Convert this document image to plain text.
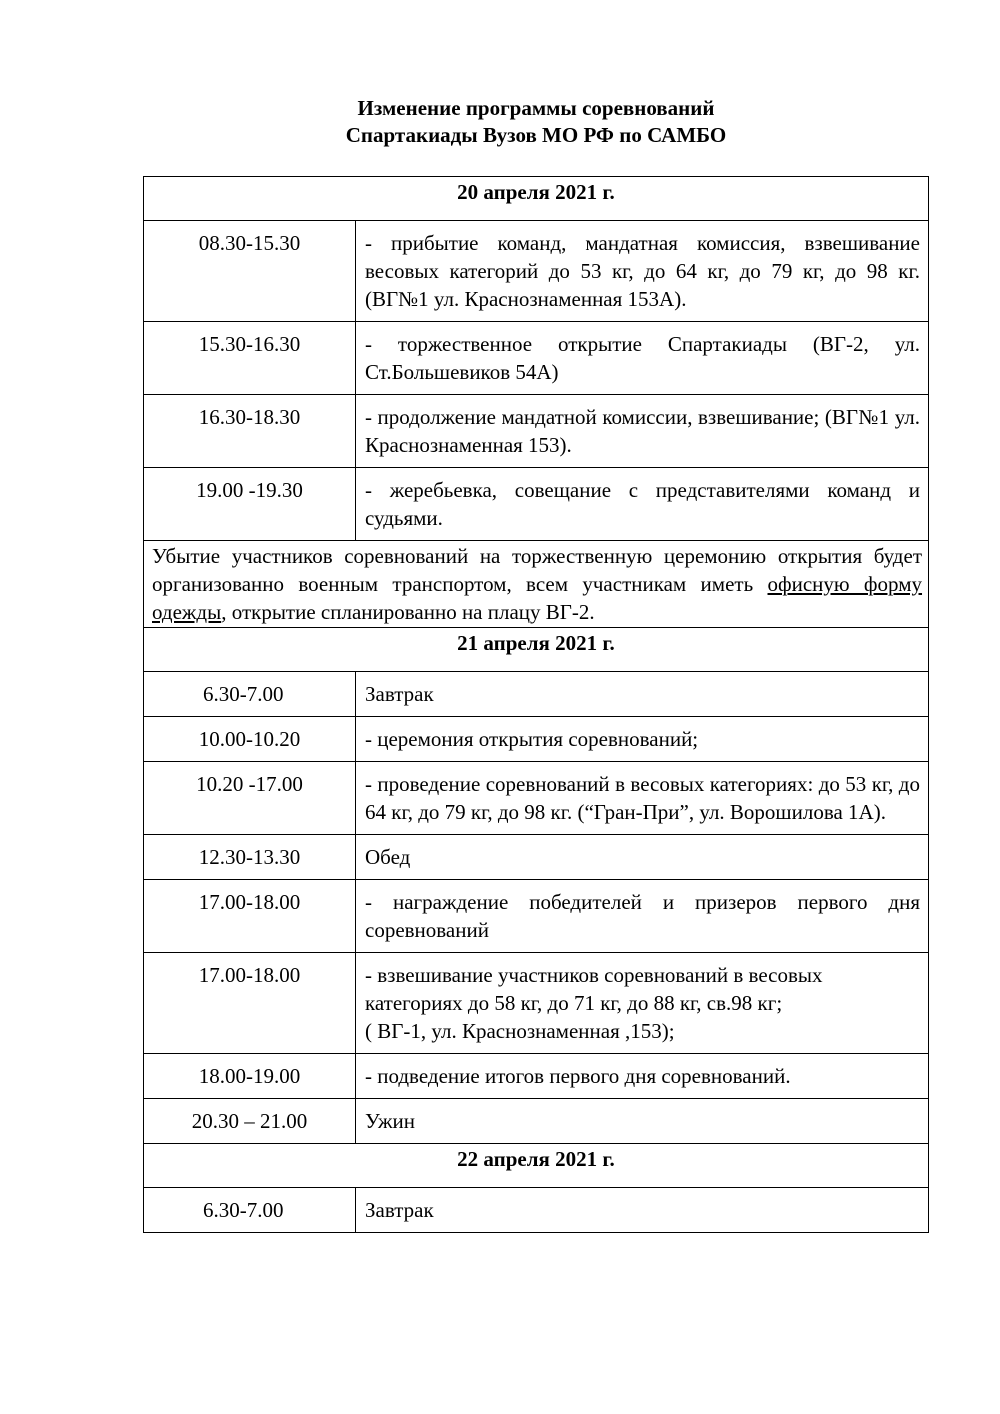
Изменение программы соревнований
Спартакиады Вузов МО РФ по САМБО
20 апреля 2021 г.	
08.30-15.30	- прибытие команд, мандатная комиссия, взвешивание весовых категорий до 53 кг, до 64 кг, до 79 кг, до 98 кг. (ВГ№1 ул. Краснознаменная 153А).
15.30-16.30	- торжественное открытие Спартакиады (ВГ-2, ул. Ст.Большевиков 54А)
16.30-18.30	- продолжение мандатной комиссии, взвешивание; (ВГ№1 ул. Краснознаменная 153).
19.00 -19.30	- жеребьевка, совещание с представителями команд и судьями.
Убытие участников соревнований на торжественную церемонию открытия будет организованно военным транспортом, всем участникам иметь офисную форму одежды, открытие спланированно на плацу ВГ-2.	
21 апреля 2021 г.	
6.30-7.00	Завтрак
10.00-10.20	- церемония открытия соревнований;
10.20 -17.00	- проведение соревнований в весовых категориях: до 53 кг, до 64 кг, до 79 кг, до 98 кг. (“Гран-При”, ул. Ворошилова 1А).
12.30-13.30	Обед
17.00-18.00	- награждение победителей и призеров первого дня соревнований
17.00-18.00	- взвешивание участников соревнований в весовых
категориях до 58 кг, до 71 кг, до 88 кг, св.98 кг;
( ВГ-1, ул. Краснознаменная ,153);

18.00-19.00	- подведение итогов первого дня соревнований.
20.30 – 21.00	Ужин
22 апреля 2021 г.	
6.30-7.00	Завтрак
